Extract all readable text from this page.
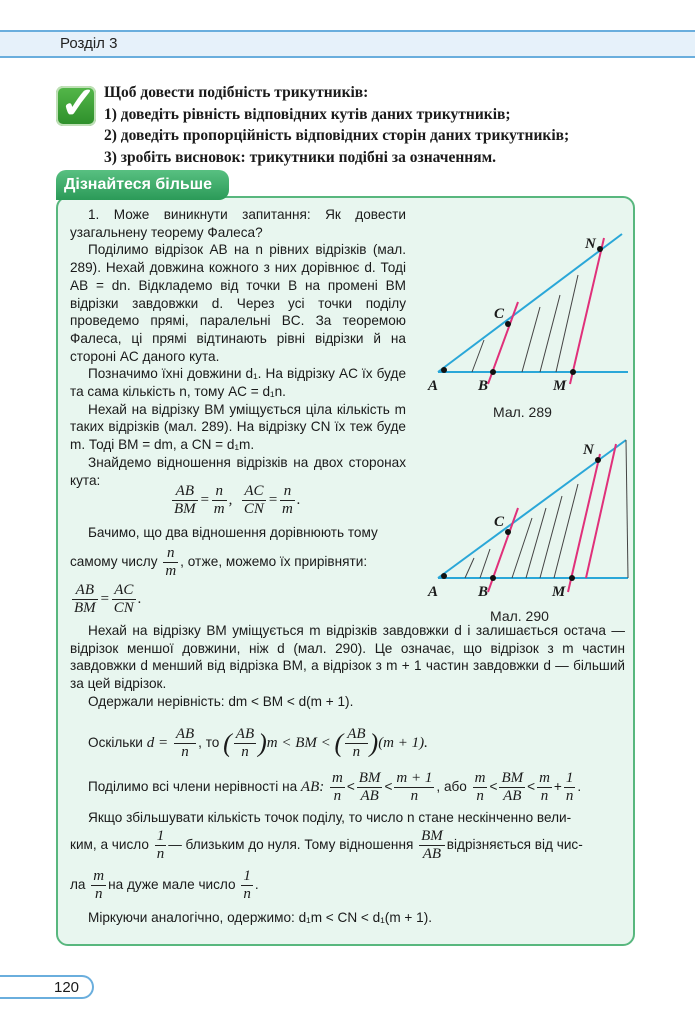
Розділ 3
✓ Щоб довести подібність трикутників:
1) доведіть рівність відповідних кутів даних трикутників;
2) доведіть пропорційність відповідних сторін даних трикутників;
3) зробіть висновок: трикутники подібні за означенням.
Дізнайтеся більше

1. Може виникнути запитання: Як довести узагальнену теорему Фалеса?

Поділимо відрізок AB на n рівних відрізків (мал. 289). Нехай довжина кожного з них дорівнює d. Тоді AB = dn. Відкладемо від точки B на промені BM відрізки завдовжки d. Через усі точки поділу проведемо прямі, паралельні BC. За теоремою Фалеса, ці прямі відтинають рівні відрізки й на стороні AC даного кута.

Позначимо їхні довжини d₁. На відрізку AC їх буде та сама кількість n, тому AC = d₁n.

Нехай на відрізку BM уміщується ціла кількість m таких відрізків (мал. 289). На відрізку CN їх теж буде m. Тоді BM = dm, а CN = d₁m.

Знайдемо відношення відрізків на двох сторонах кута:

$\frac{AB}{BM} = \frac{n}{m}$ , $\frac{AC}{CN} = \frac{n}{m}$ .

Бачимо, що два відношення дорівнюють тому

самому числу $\frac{n}{m}$ , отже, можемо їх прирівняти:
$\frac{AB}{BM} = \frac{AC}{CN}$ .

Нехай на відрізку BM уміщується m відрізків завдовжки d і залишається остача — відрізок меншої довжини, ніж d (мал. 290). Це означає, що відрізок з m частин завдовжки d менший від відрізка BM, а відрізок з m + 1 частин завдовжки d — більший за цей відрізок.

Одержали нерівність: dm < BM < d(m + 1).

Оскільки $d = \frac{AB}{n}$ , то ( $\frac{AB}{n} )m$ < BM < ( $\frac{AB}{n} )(m + 1)$.
Поділимо всі члени нерівності на AB: $\frac{m}{n} < \frac{BM}{AB} < \frac{m + 1}{n}$ , або $\frac{m}{n} < \frac{BM}{AB} < \frac{m}{n} + \frac{1}{n}$ .
Якщо збільшувати кількість точок поділу, то число n стане нескінченно вели-
ким, а число $\frac{1}{n}$ — близьким до нуля. Тому відношення $\frac{BM}{AB}$ відрізняється від чис-
ла $\frac{m}{n}$ на дуже мале число $\frac{1}{n}$ .
Міркуючи аналогічно, одержимо: d₁m < CN < d₁(m + 1).
A	B
C
M
N
Мал. 289
A	B
C
M
N
Мал. 290
120
